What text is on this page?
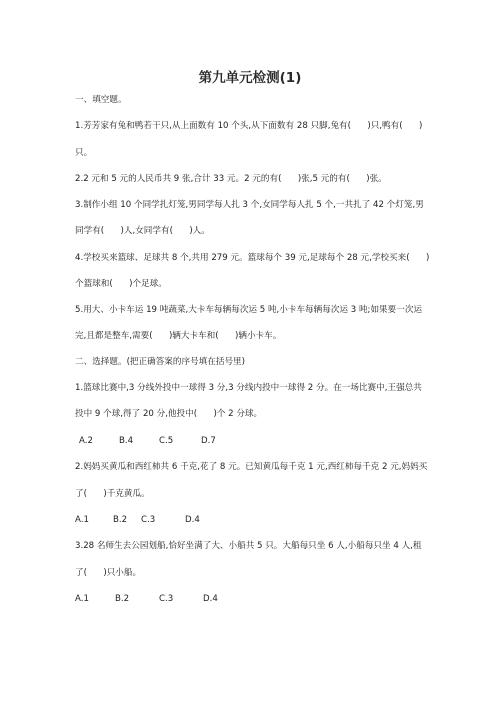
第九单元检测(1)
一、填空题。
1.芳芳家有兔和鸭若干只,从上面数有 10 个头,从下面数有 28 只脚,兔有(      )只,鸭有(      )
只。
2.2 元和 5 元的人民币共 9 张,合计 33 元。2 元的有(      )张,5 元的有(      )张。
3.制作小组 10 个同学扎灯笼,男同学每人扎 3 个,女同学每人扎 5 个,一共扎了 42 个灯笼,男
同学有(      )人,女同学有(      )人。
4.学校买来篮球、足球共 8 个,共用 279 元。篮球每个 39 元,足球每个 28 元,学校买来(      )
个篮球和(      )个足球。
5.用大、小卡车运 19 吨蔬菜,大卡车每辆每次运 5 吨,小卡车每辆每次运 3 吨;如果要一次运
完,且都是整车,需要(      )辆大卡车和(      )辆小卡车。
二、选择题。(把正确答案的序号填在括号里)
1.篮球比赛中,3 分线外投中一球得 3 分,3 分线内投中一球得 2 分。在一场比赛中,王强总共
投中 9 个球,得了 20 分,他投中(      )个 2 分球。
A.2	B.4	C.5	D.7
2.妈妈买黄瓜和西红柿共 6 千克,花了 8 元。已知黄瓜每千克 1 元,西红柿每千克 2 元,妈妈买
了(      )千克黄瓜。
A.1	B.2 C.3	D.4
3.28 名师生去公园划船,恰好坐满了大、小船共 5 只。大船每只坐 6 人,小船每只坐 4 人,租
了(      )只小船。
A.1	B.2	C.3	D.4
